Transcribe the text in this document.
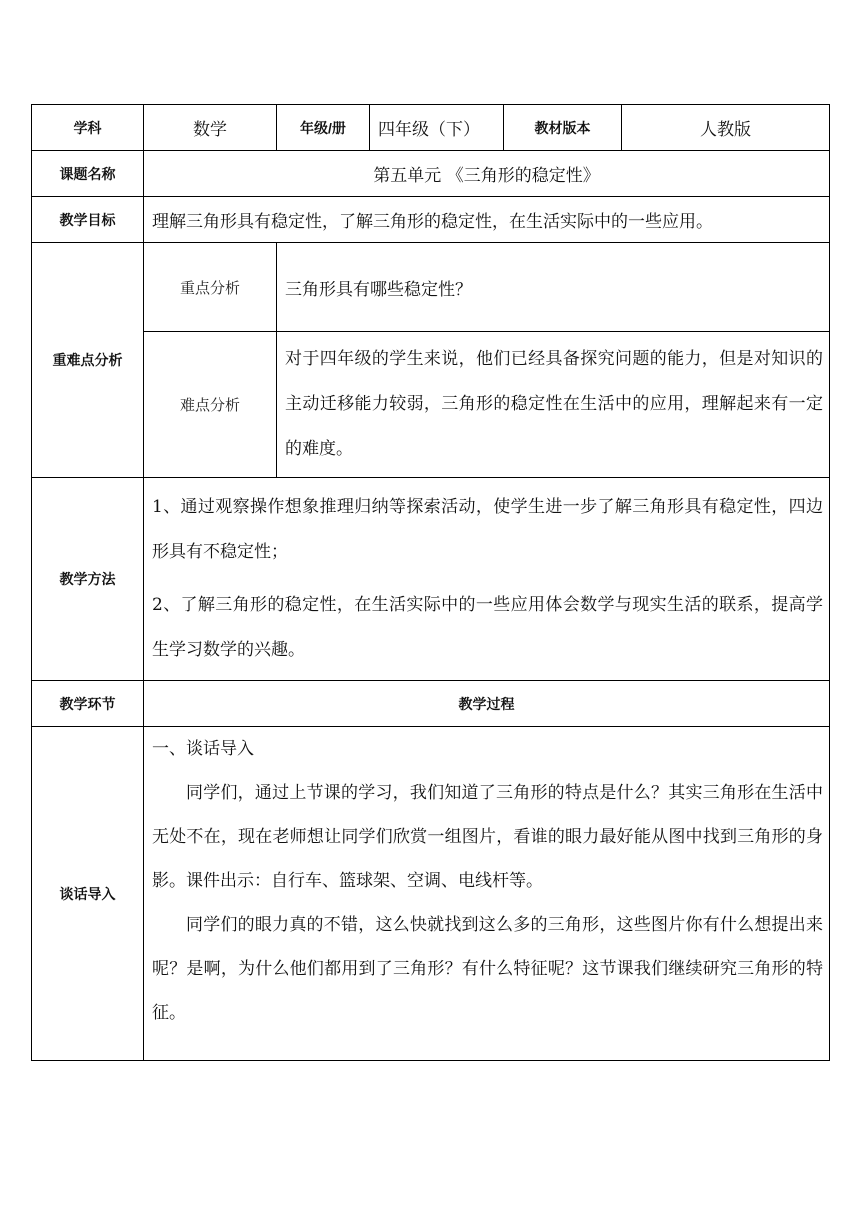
学科	数学	年级/册	四年级（下）	教材版本	人教版
课题名称	第五单元 《三角形的稳定性》				
教学目标	理解三角形具有稳定性，了解三角形的稳定性，在生活实际中的一些应用。				
重难点分析	重点分析	三角形具有哪些稳定性？			
	难点分析	对于四年级的学生来说，他们已经具备探究问题的能力，但是对知识的主动迁移能力较弱，三角形的稳定性在生活中的应用，理解起来有一定的难度。			

教学方法	1、通过观察操作想象推理归纳等探索活动，使学生进一步了解三角形具有稳定性，四边形具有不稳定性；

2、了解三角形的稳定性，在生活实际中的一些应用体会数学与现实生活的联系，提高学生学习数学的兴趣。				

教学环节	教学过程				
谈话导入	一、谈话导入

同学们，通过上节课的学习，我们知道了三角形的特点是什么？其实三角形在生活中无处不在，现在老师想让同学们欣赏一组图片，看谁的眼力最好能从图中找到三角形的身影。课件出示：自行车、篮球架、空调、电线杆等。

同学们的眼力真的不错，这么快就找到这么多的三角形，这些图片你有什么想提出来呢？是啊，为什么他们都用到了三角形？有什么特征呢？这节课我们继续研究三角形的特征。				
